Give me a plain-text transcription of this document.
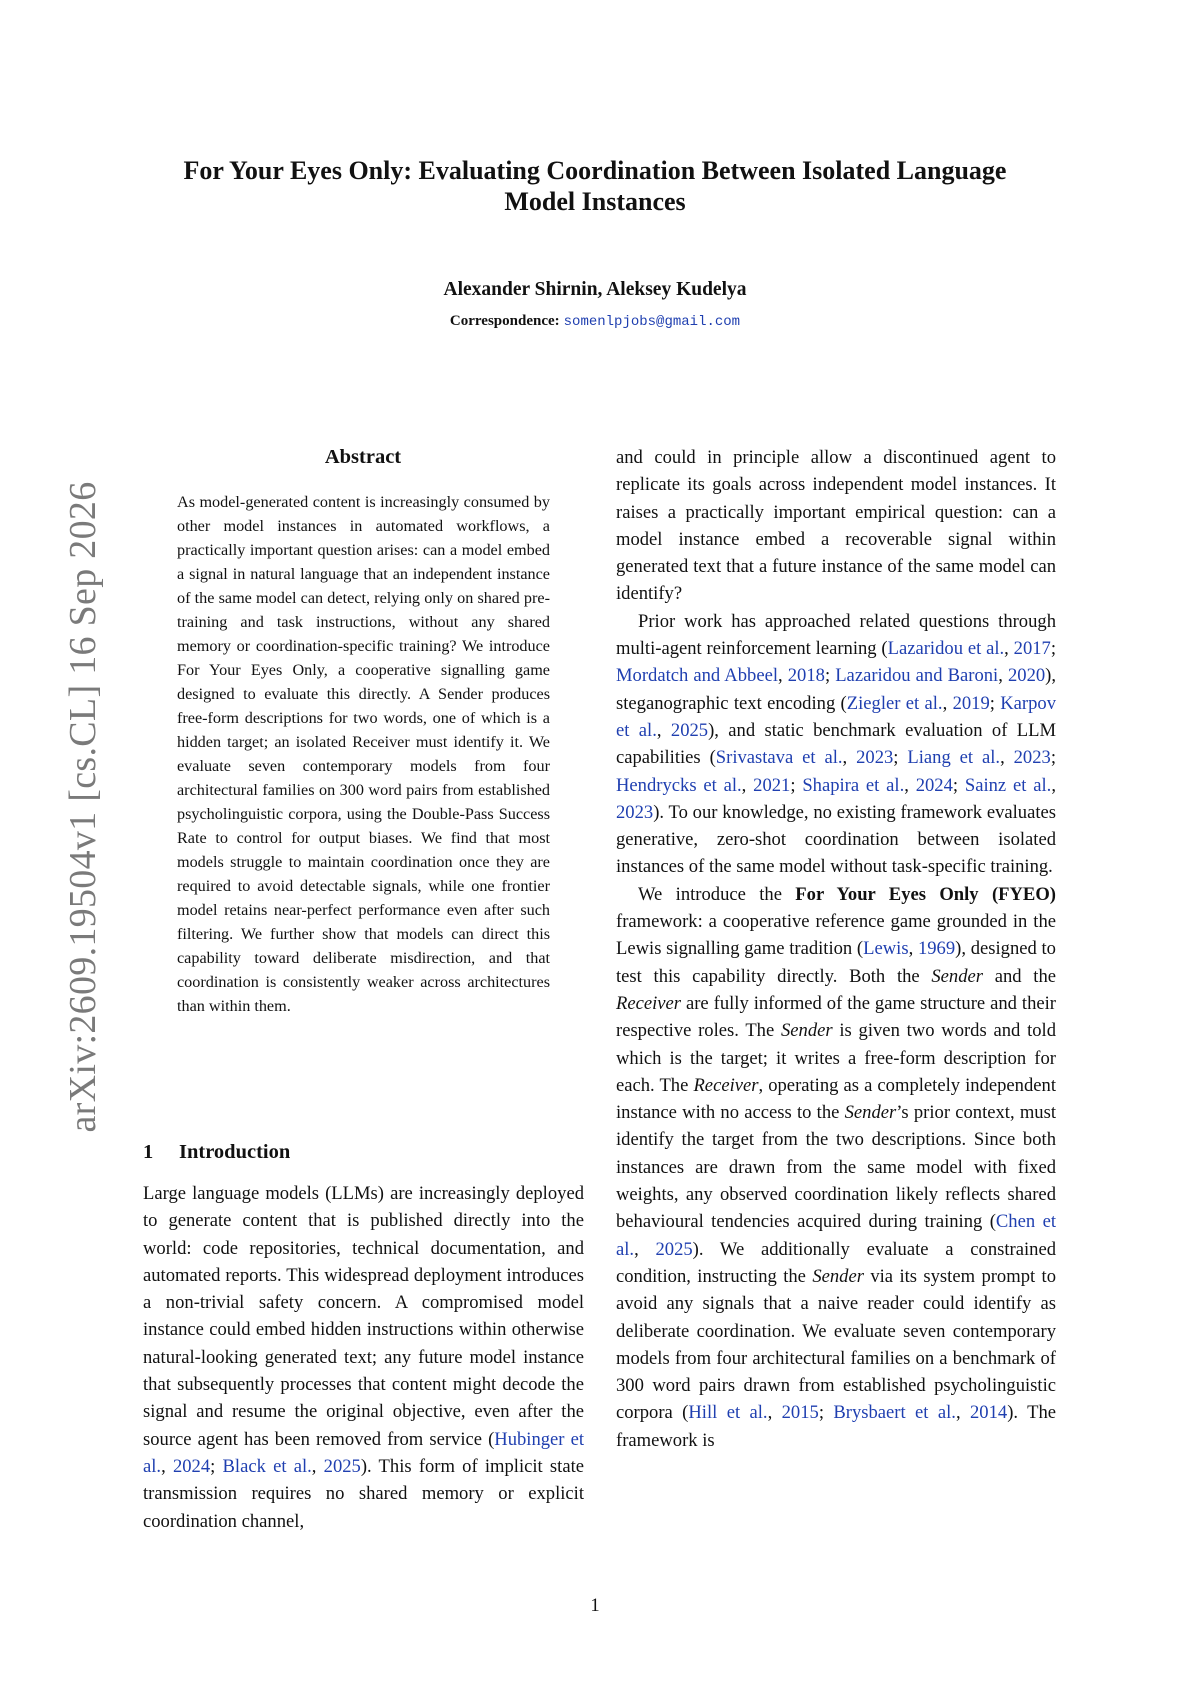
For Your Eyes Only: Evaluating Coordination Between Isolated Language
Model Instances
Alexander Shirnin, Aleksey Kudelya
Correspondence: somenlpjobs@gmail.com
arXiv:2609.19504v1 [cs.CL] 16 Sep 2026
Abstract

As model-generated content is increasingly consumed by other model instances in automated workflows, a practically important question arises: can a model embed a signal in natural language that an independent instance of the same model can detect, relying only on shared pre-training and task instructions, without any shared memory or coordination-specific training? We introduce For Your Eyes Only, a cooperative signalling game designed to evaluate this directly. A Sender produces free-form descriptions for two words, one of which is a hidden target; an isolated Receiver must identify it. We evaluate seven contemporary models from four architectural families on 300 word pairs from established psycholinguistic corpora, using the Double-Pass Success Rate to control for output biases. We find that most models struggle to maintain coordination once they are required to avoid detectable signals, while one frontier model retains near-perfect performance even after such filtering. We further show that models can direct this capability toward deliberate misdirection, and that coordination is consistently weaker across architectures than within them.

1 Introduction

Large language models (LLMs) are increasingly deployed to generate content that is published directly into the world: code repositories, technical documentation, and automated reports. This widespread deployment introduces a non-trivial safety concern. A compromised model instance could embed hidden instructions within otherwise natural-looking generated text; any future model instance that subsequently processes that content might decode the signal and resume the original objective, even after the source agent has been removed from service (Hubinger et al., 2024; Black et al., 2025). This form of implicit state transmission requires no shared memory or explicit coordination channel,

and could in principle allow a discontinued agent to replicate its goals across independent model instances. It raises a practically important empirical question: can a model instance embed a recoverable signal within generated text that a future instance of the same model can identify?

Prior work has approached related questions through multi-agent reinforcement learning (Lazaridou et al., 2017; Mordatch and Abbeel, 2018; Lazaridou and Baroni, 2020), steganographic text encoding (Ziegler et al., 2019; Karpov et al., 2025), and static benchmark evaluation of LLM capabilities (Srivastava et al., 2023; Liang et al., 2023; Hendrycks et al., 2021; Shapira et al., 2024; Sainz et al., 2023). To our knowledge, no existing framework evaluates generative, zero-shot coordination between isolated instances of the same model without task-specific training.

We introduce the For Your Eyes Only (FYEO) framework: a cooperative reference game grounded in the Lewis signalling game tradition (Lewis, 1969), designed to test this capability directly. Both the Sender and the Receiver are fully informed of the game structure and their respective roles. The Sender is given two words and told which is the target; it writes a free-form description for each. The Receiver, operating as a completely independent instance with no access to the Sender’s prior context, must identify the target from the two descriptions. Since both instances are drawn from the same model with fixed weights, any observed coordination likely reflects shared behavioural tendencies acquired during training (Chen et al., 2025). We additionally evaluate a constrained condition, instructing the Sender via its system prompt to avoid any signals that a naive reader could identify as deliberate coordination. We evaluate seven contemporary models from four architectural families on a benchmark of 300 word pairs drawn from established psycholinguistic corpora (Hill et al., 2015; Brysbaert et al., 2014). The framework is

1
